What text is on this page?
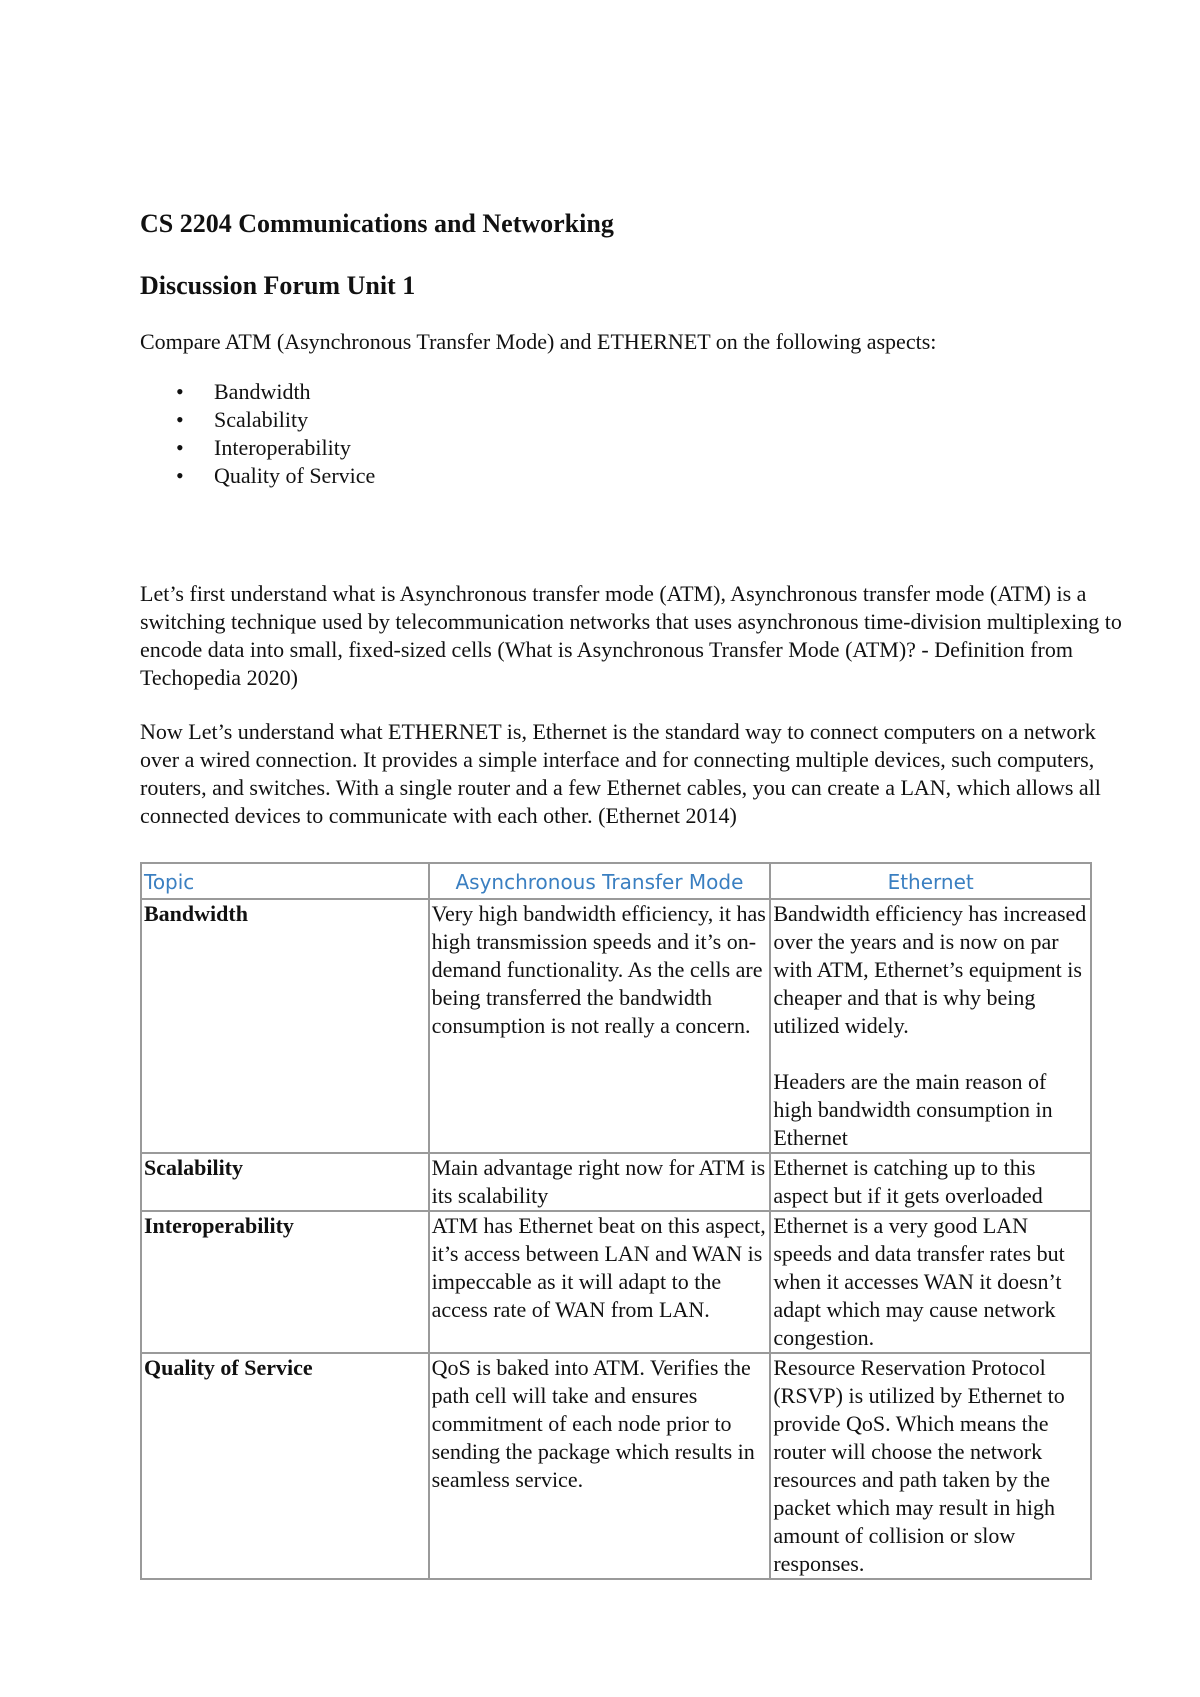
CS 2204 Communications and Networking
Discussion Forum Unit 1

Compare ATM (Asynchronous Transfer Mode) and ETHERNET on the following aspects:

• Bandwidth
• Scalability
• Interoperability
• Quality of Service

Let’s first understand what is Asynchronous transfer mode (ATM), Asynchronous transfer mode (ATM) is a switching technique used by telecommunication networks that uses asynchronous time-division multiplexing to encode data into small, fixed-sized cells (What is Asynchronous Transfer Mode (ATM)? - Definition from Techopedia 2020)

Now Let’s understand what ETHERNET is, Ethernet is the standard way to connect computers on a network over a wired connection. It provides a simple interface and for connecting multiple devices, such computers, routers, and switches. With a single router and a few Ethernet cables, you can create a LAN, which allows all connected devices to communicate with each other. (Ethernet 2014)

Topic	Asynchronous Transfer Mode	Ethernet
Bandwidth	Very high bandwidth efficiency, it has high transmission speeds and it’s on-demand functionality. As the cells are being transferred the bandwidth consumption is not really a concern.	Bandwidth efficiency has increased over the years and is now on par with ATM, Ethernet’s equipment is cheaper and that is why being utilized widely.
Headers are the main reason of high bandwidth consumption in Ethernet

Scalability	Main advantage right now for ATM is its scalability	Ethernet is catching up to this aspect but if it gets overloaded
Interoperability	ATM has Ethernet beat on this aspect, it’s access between LAN and WAN is impeccable as it will adapt to the access rate of WAN from LAN.	Ethernet is a very good LAN speeds and data transfer rates but when it accesses WAN it doesn’t adapt which may cause network congestion.
Quality of Service	QoS is baked into ATM. Verifies the path cell will take and ensures commitment of each node prior to sending the package which results in seamless service.	Resource Reservation Protocol (RSVP) is utilized by Ethernet to provide QoS. Which means the router will choose the network resources and path taken by the packet which may result in high amount of collision or slow responses.
